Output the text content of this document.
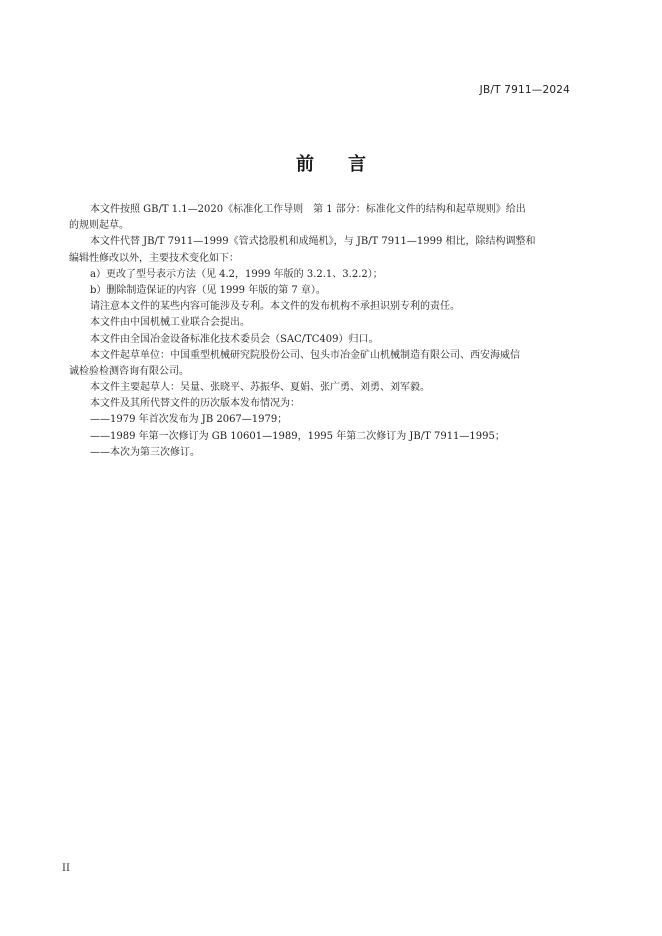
JB/T 7911—2024
前 言
本文件按照 GB/T 1.1—2020《标准化工作导则　第 1 部分：标准化文件的结构和起草规则》给出
的规则起草。
本文件代替 JB/T 7911—1999《管式捻股机和成绳机》，与 JB/T 7911—1999 相比，除结构调整和
编辑性修改以外，主要技术变化如下：
a）更改了型号表示方法（见 4.2，1999 年版的 3.2.1、3.2.2）；
b）删除制造保证的内容（见 1999 年版的第 7 章）。
请注意本文件的某些内容可能涉及专利。本文件的发布机构不承担识别专利的责任。
本文件由中国机械工业联合会提出。
本文件由全国冶金设备标准化技术委员会（SAC/TC409）归口。
本文件起草单位：中国重型机械研究院股份公司、包头市冶金矿山机械制造有限公司、西安海威信
诚检验检测咨询有限公司。
本文件主要起草人：吴量、张晓平、苏振华、夏娟、张广勇、刘勇、刘军毅。
本文件及其所代替文件的历次版本发布情况为：
——1979 年首次发布为 JB 2067—1979；
——1989 年第一次修订为 GB 10601—1989，1995 年第二次修订为 JB/T 7911—1995；
——本次为第三次修订。
II
